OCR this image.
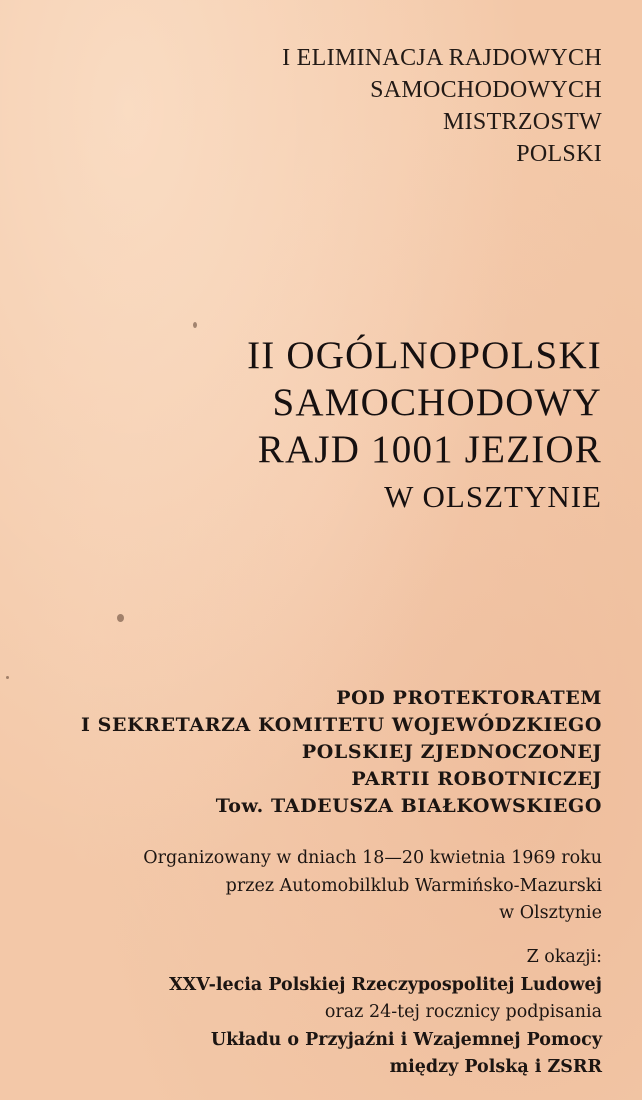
I ELIMINACJA RAJDOWYCH
SAMOCHODOWYCH
MISTRZOSTW
POLSKI

II OGÓLNOPOLSKI
SAMOCHODOWY
RAJD 1001 JEZIOR
W OLSZTYNIE

POD PROTEKTORATEM
I SEKRETARZA KOMITETU WOJEWÓDZKIEGO
POLSKIEJ ZJEDNOCZONEJ
PARTII ROBOTNICZEJ
Tow. TADEUSZA BIAŁKOWSKIEGO

Organizowany w dniach 18—20 kwietnia 1969 roku
przez Automobilklub Warmińsko-Mazurski
w Olsztynie

Z okazji:
XXV-lecia Polskiej Rzeczypospolitej Ludowej
oraz 24-tej rocznicy podpisania
Układu o Przyjaźni i Wzajemnej Pomocy
między Polską i ZSRR
